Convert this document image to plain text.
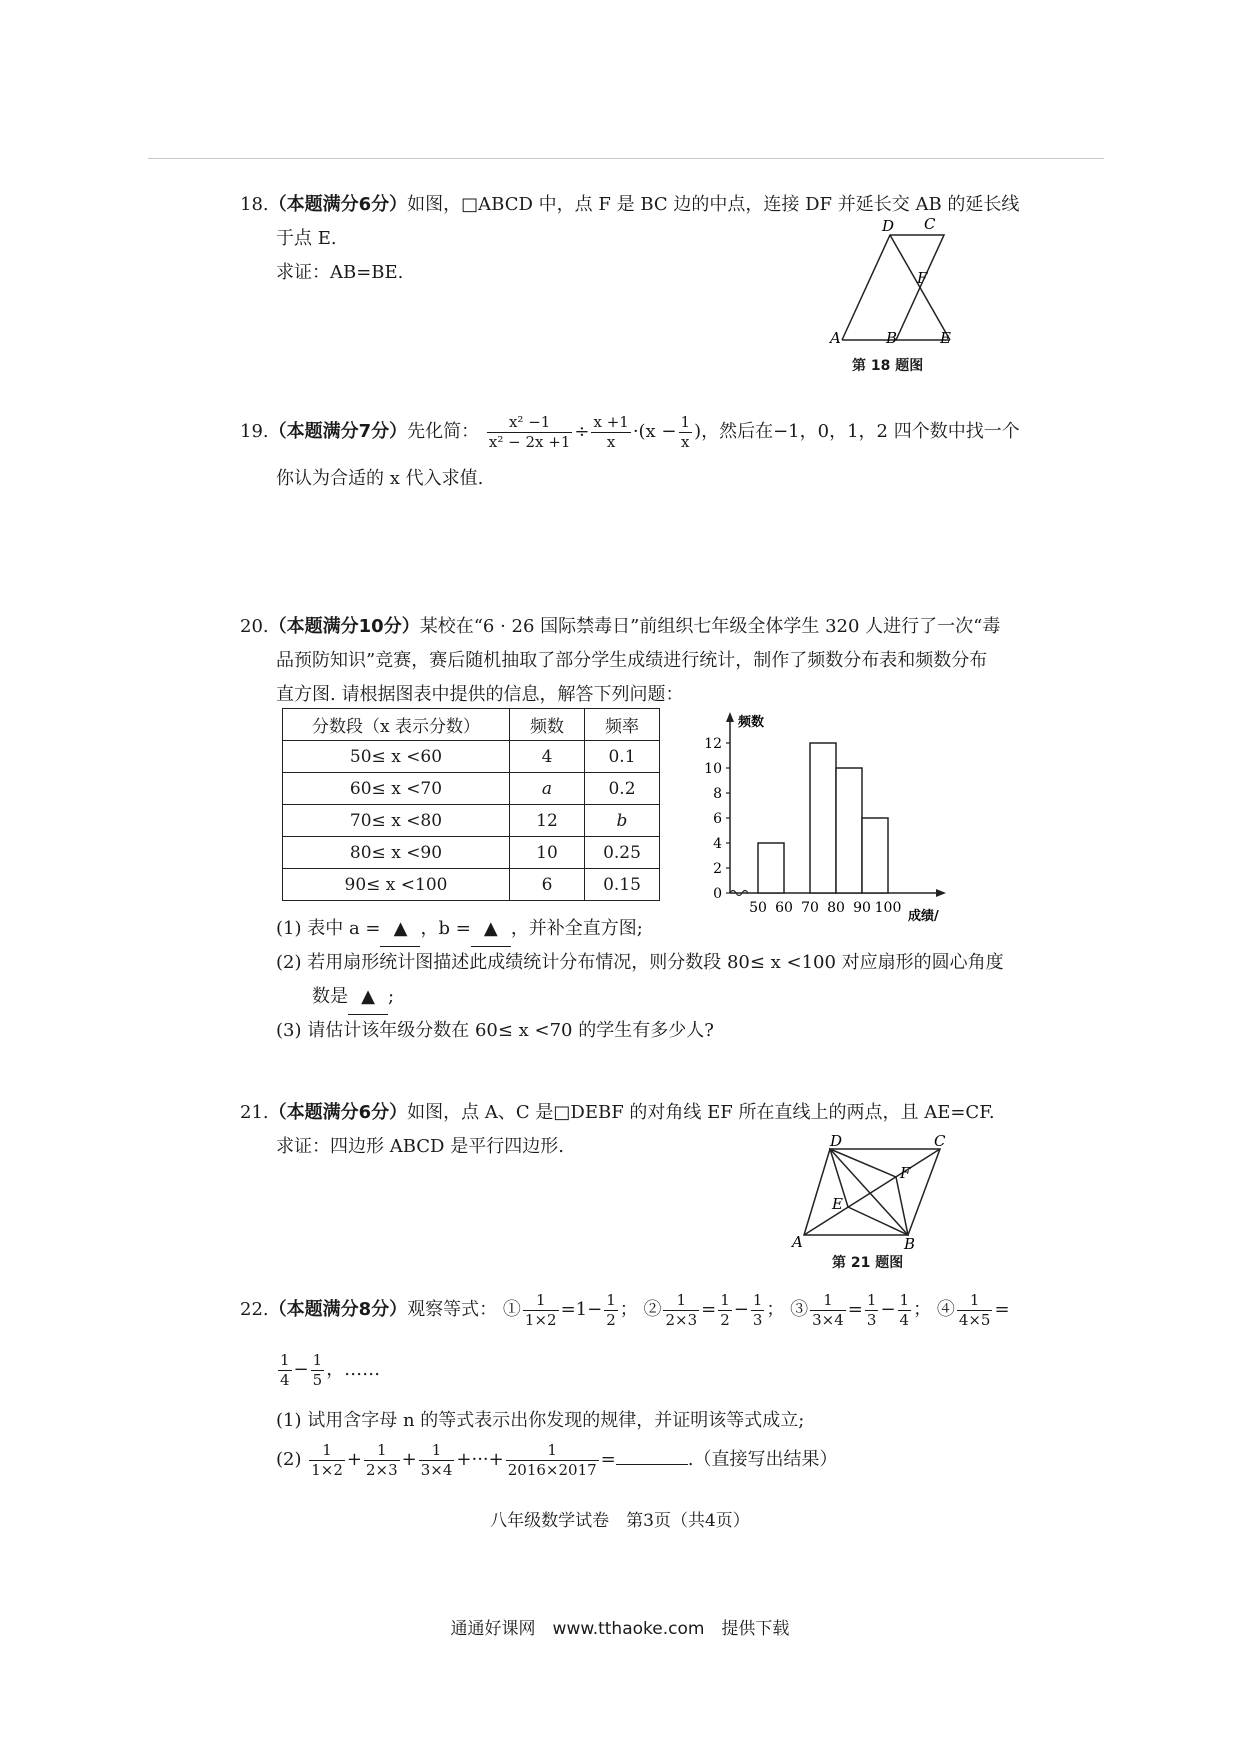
18.（本题满分6分）如图，□ABCD 中，点 F 是 BC 边的中点，连接 DF 并延长交 AB 的延长线
于点 E.
求证：AB=BE.
D C
F
A	B	E
第 18 题图
19.（本题满分7分）先化简： $\frac{\text{x² −1}}{\text{x² − 2x +1}} \div \frac{x +1}{x} \cdot(x - \frac{1}{x}$ )，然后在−1，0，1，2 四个数中找一个
你认为合适的 x 代入求值.
20.（本题满分10分）某校在“6 · 26 国际禁毒日”前组织七年级全体学生 320 人进行了一次“毒
品预防知识”竞赛，赛后随机抽取了部分学生成绩进行统计，制作了频数分布表和频数分布
直方图. 请根据图表中提供的信息，解答下列问题：
分数段（x 表示分数）	频数	频率
50≤ x <60	4	0.1
60≤ x <70	a	0.2
70≤ x <80	12	b
80≤ x <90	10	0.25
90≤ x <100	6	0.15
频数
成绩/
0
2
4
6
8
10
12
50 60 70 80 90 100
(1) 表中 a = ▲ ，b = ▲ ，并补全直方图;
(2) 若用扇形统计图描述此成绩统计分布情况，则分数段 80≤ x <100 对应扇形的圆心角度
数是 ▲ ;
(3) 请估计该年级分数在 60≤ x <70 的学生有多少人?
21.（本题满分6分）如图，点 A、C 是□DEBF 的对角线 EF 所在直线上的两点，且 AE=CF.
求证：四边形 ABCD 是平行四边形.	D	C
F
E
A	B
第 21 题图
22.（本题满分8分）观察等式： ① $\frac{1}{1\times 2} =1- \frac{1}{2}$ ； ② $\frac{1}{2\times 3} = \frac{1}{2} - \frac{1}{3}$ ； ③ $\frac{1}{3\times 4} = \frac{1}{3} - \frac{1}{4}$ ； ④ $\frac{1}{4\times 5}$ =
$\frac{1}{4} - \frac{1}{5}$ ，……
(1) 试用含字母 n 的等式表示出你发现的规律，并证明该等式成立;
$(2) \frac{1}{1\times 2} + \frac{1}{2\times 3} + \frac{1}{3\times 4}$ +···+ $\frac{1}{2016\times 2017}$ =	.（直接写出结果）
八年级数学试卷　第3页（共4页）
通通好课网　www.tthaoke.com　提供下载
